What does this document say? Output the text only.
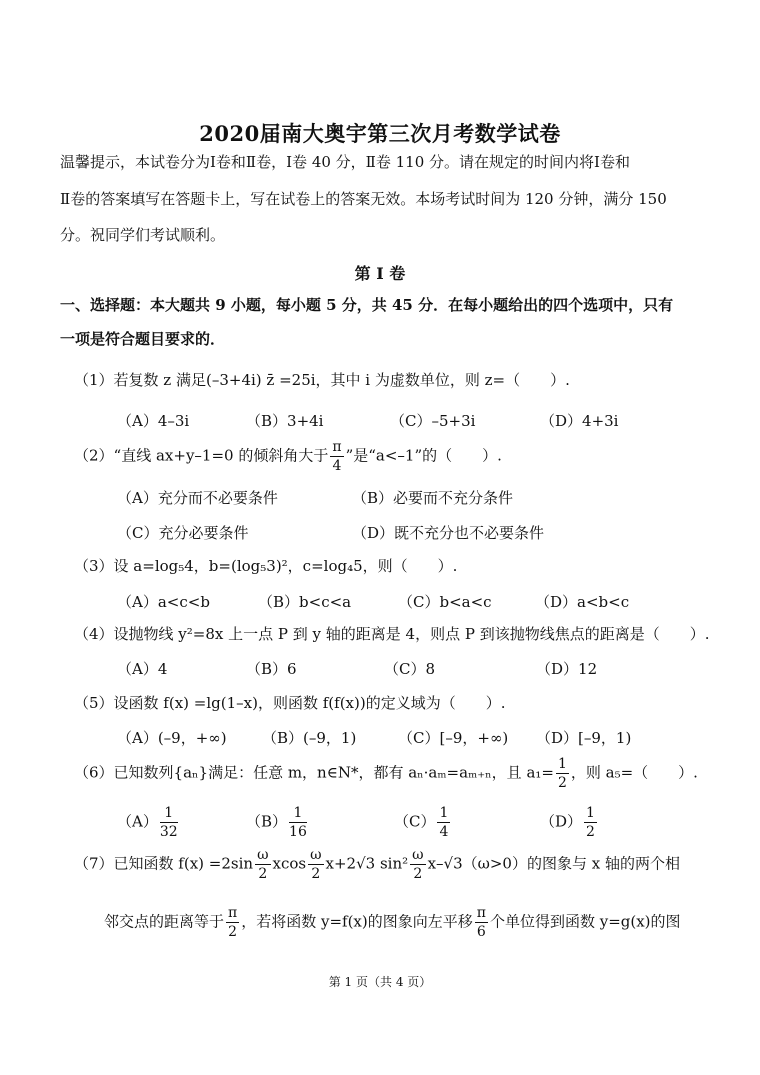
2020届南大奥宇第三次月考数学试卷
温馨提示，本试卷分为Ⅰ卷和Ⅱ卷，Ⅰ卷 40 分，Ⅱ卷 110 分。请在规定的时间内将Ⅰ卷和
Ⅱ卷的答案填写在答题卡上，写在试卷上的答案无效。本场考试时间为 120 分钟，满分 150
分。祝同学们考试顺利。
第 Ⅰ 卷
一、选择题：本大题共 9 小题，每小题 5 分，共 45 分．在每小题给出的四个选项中，只有
一项是符合题目要求的．
（1）若复数 z 满足(–3+4i) z̄ =25i，其中 i 为虚数单位，则 z=（　　）.
（A）4–3i	（B）3+4i	（C）–5+3i	（D）4+3i
（2）“直线 ax+y–1=0 的倾斜角大于 $\frac{\pi}{4}$ ”是“a<–1”的（　　）.
（A）充分而不必要条件	（B）必要而不充分条件
（C）充分必要条件	（D）既不充分也不必要条件
（3）设 a=log₅4，b=(log₅3)²，c=log₄5，则（　　）.
（A）a<c<b	（B）b<c<a	（C）b<a<c	（D）a<b<c
（4）设抛物线 y²=8x 上一点 P 到 y 轴的距离是 4，则点 P 到该抛物线焦点的距离是（　　）.
（A）4	（B）6	（C）8	（D）12
（5）设函数 f(x) =lg(1–x)，则函数 f(f(x))的定义域为（　　）.
（A）(–9，+∞) （B）(–9，1)	（C）[–9，+∞) （D）[–9，1)
（6）已知数列{aₙ}满足：任意 m，n∈N*，都有 aₙ·aₘ=aₘ₊ₙ，且 $a_1= \frac{1}{2}$ ，则 a₅=（　　）.
$(A) \frac{1}{32}$	$(B) \frac{1}{16}$	$(C) \frac{1}{4}$	$(D) \frac{1}{2}$
（7）已知函数 $f(x) =2\sin \frac{\omega}{2}$ xcos $\frac{\omega}{2} x+2√3$ $\sin^2 \frac{\omega}{2} x-√3(\omega>0)$的图象与 x 轴的两个相
邻交点的距离等于 $\frac{\pi}{2}$ ，若将函数 y=f(x)的图象向左平移 $\frac{\pi}{6}$ 个单位得到函数 y=g(x)的图
第 1 页（共 4 页）
